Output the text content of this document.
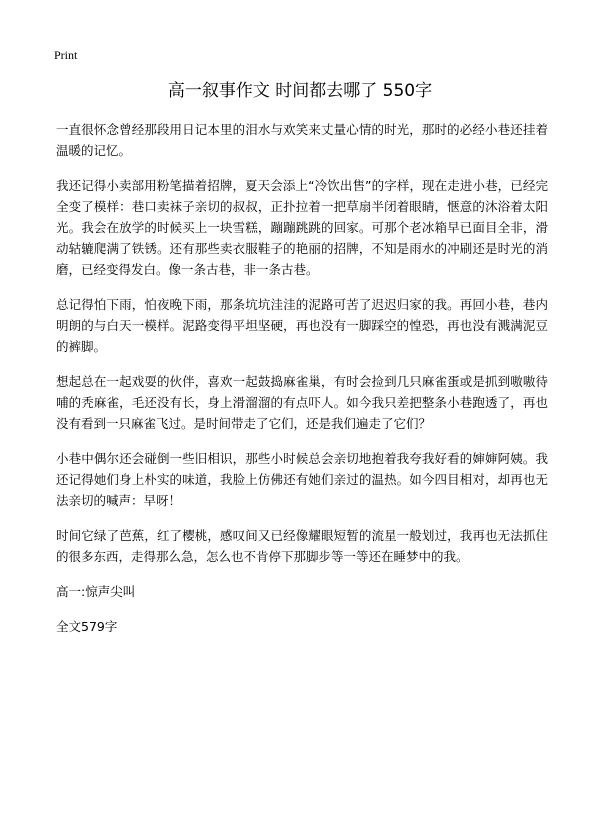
Print
高一叙事作文 时间都去哪了 550字

一直很怀念曾经那段用日记本里的泪水与欢笑来丈量心情的时光，那时的必经小巷还挂着温暖的记忆。

我还记得小卖部用粉笔描着招牌，夏天会添上“冷饮出售”的字样，现在走进小巷，已经完全变了模样：巷口卖袜子亲切的叔叔，正扑拉着一把草扇半闭着眼睛，惬意的沐浴着太阳光。我会在放学的时候买上一块雪糕，蹦蹦跳跳的回家。可那个老冰箱早已面目全非，滑动轱辘爬满了铁锈。还有那些卖衣服鞋子的艳丽的招牌，不知是雨水的冲刷还是时光的消磨，已经变得发白。像一条古巷，非一条古巷。

总记得怕下雨，怕夜晚下雨，那条坑坑洼洼的泥路可苦了迟迟归家的我。再回小巷，巷内明朗的与白天一模样。泥路变得平坦坚硬，再也没有一脚踩空的惶恐，再也没有溅满泥豆的裤脚。

想起总在一起戏耍的伙伴，喜欢一起鼓捣麻雀巢，有时会捡到几只麻雀蛋或是抓到嗷嗷待哺的秃麻雀，毛还没有长，身上滑溜溜的有点吓人。如今我只差把整条小巷跑透了，再也没有看到一只麻雀飞过。是时间带走了它们，还是我们遍走了它们？

小巷中偶尔还会碰倒一些旧相识，那些小时候总会亲切地抱着我夸我好看的婶婶阿姨。我还记得她们身上朴实的味道，我脸上仿佛还有她们亲过的温热。如今四目相对，却再也无法亲切的喊声：早呀！

时间它绿了芭蕉，红了樱桃，感叹间又已经像耀眼短暂的流星一般划过，我再也无法抓住的很多东西，走得那么急，怎么也不肯停下那脚步等一等还在睡梦中的我。

高一:惊声尖叫

全文579字
